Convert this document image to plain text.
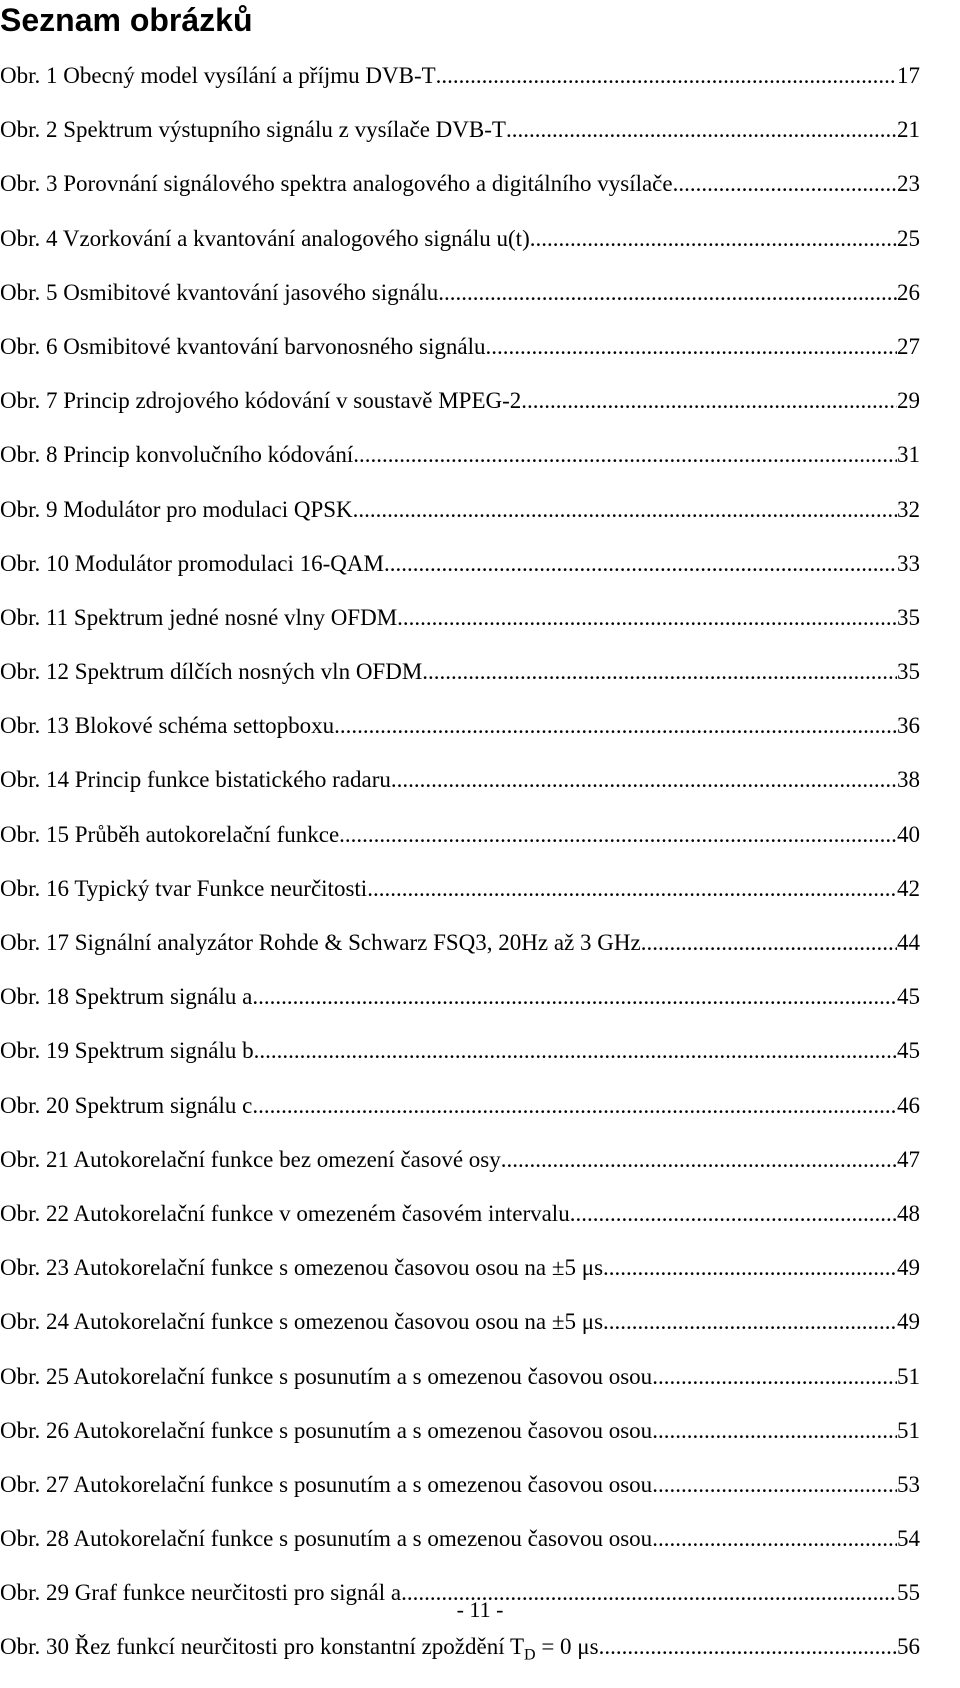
Seznam obrázků
Obr. 1 Obecný model vysílání a příjmu DVB-T .....	17
Obr. 2 Spektrum výstupního signálu z vysílače DVB-T .....	21
Obr. 3 Porovnání signálového spektra analogového a digitálního vysílače .....	23
Obr. 4 Vzorkování a kvantování analogového signálu u(t) .....	25
Obr. 5 Osmibitové kvantování jasového signálu .....	26
Obr. 6 Osmibitové kvantování barvonosného signálu .....	27
Obr. 7 Princip zdrojového kódování v soustavě MPEG-2 .....	29
Obr. 8 Princip konvolučního kódování .....	31
Obr. 9 Modulátor pro modulaci QPSK .....	32
Obr. 10 Modulátor promodulaci 16-QAM .....	33
Obr. 11 Spektrum jedné nosné vlny OFDM .....	35
Obr. 12 Spektrum dílčích nosných vln OFDM .....	35
Obr. 13 Blokové schéma settopboxu .....	36
Obr. 14 Princip funkce bistatického radaru .....	38
Obr. 15 Průběh autokorelační funkce .....	40
Obr. 16 Typický tvar Funkce neurčitosti .....	42
Obr. 17 Signální analyzátor Rohde & Schwarz FSQ3, 20Hz až 3 GHz .....	44
Obr. 18 Spektrum signálu a .....	45
Obr. 19 Spektrum signálu b .....	45
Obr. 20 Spektrum signálu c .....	46
Obr. 21 Autokorelační funkce bez omezení časové osy .....	47
Obr. 22 Autokorelační funkce v omezeném časovém intervalu .....	48
Obr. 23 Autokorelační funkce s omezenou časovou osou na ±5 μs .....	49
Obr. 24 Autokorelační funkce s omezenou časovou osou na ±5 μs .....	49
Obr. 25 Autokorelační funkce s posunutím a s omezenou časovou osou .....	51
Obr. 26 Autokorelační funkce s posunutím a s omezenou časovou osou .....	51
Obr. 27 Autokorelační funkce s posunutím a s omezenou časovou osou .....	53
Obr. 28 Autokorelační funkce s posunutím a s omezenou časovou osou .....	54
Obr. 29 Graf funkce neurčitosti pro signál a .....	55
Obr. 30 Řez funkcí neurčitosti pro konstantní zpoždění $T_D = 0$ μs .....	56
- 11 -
